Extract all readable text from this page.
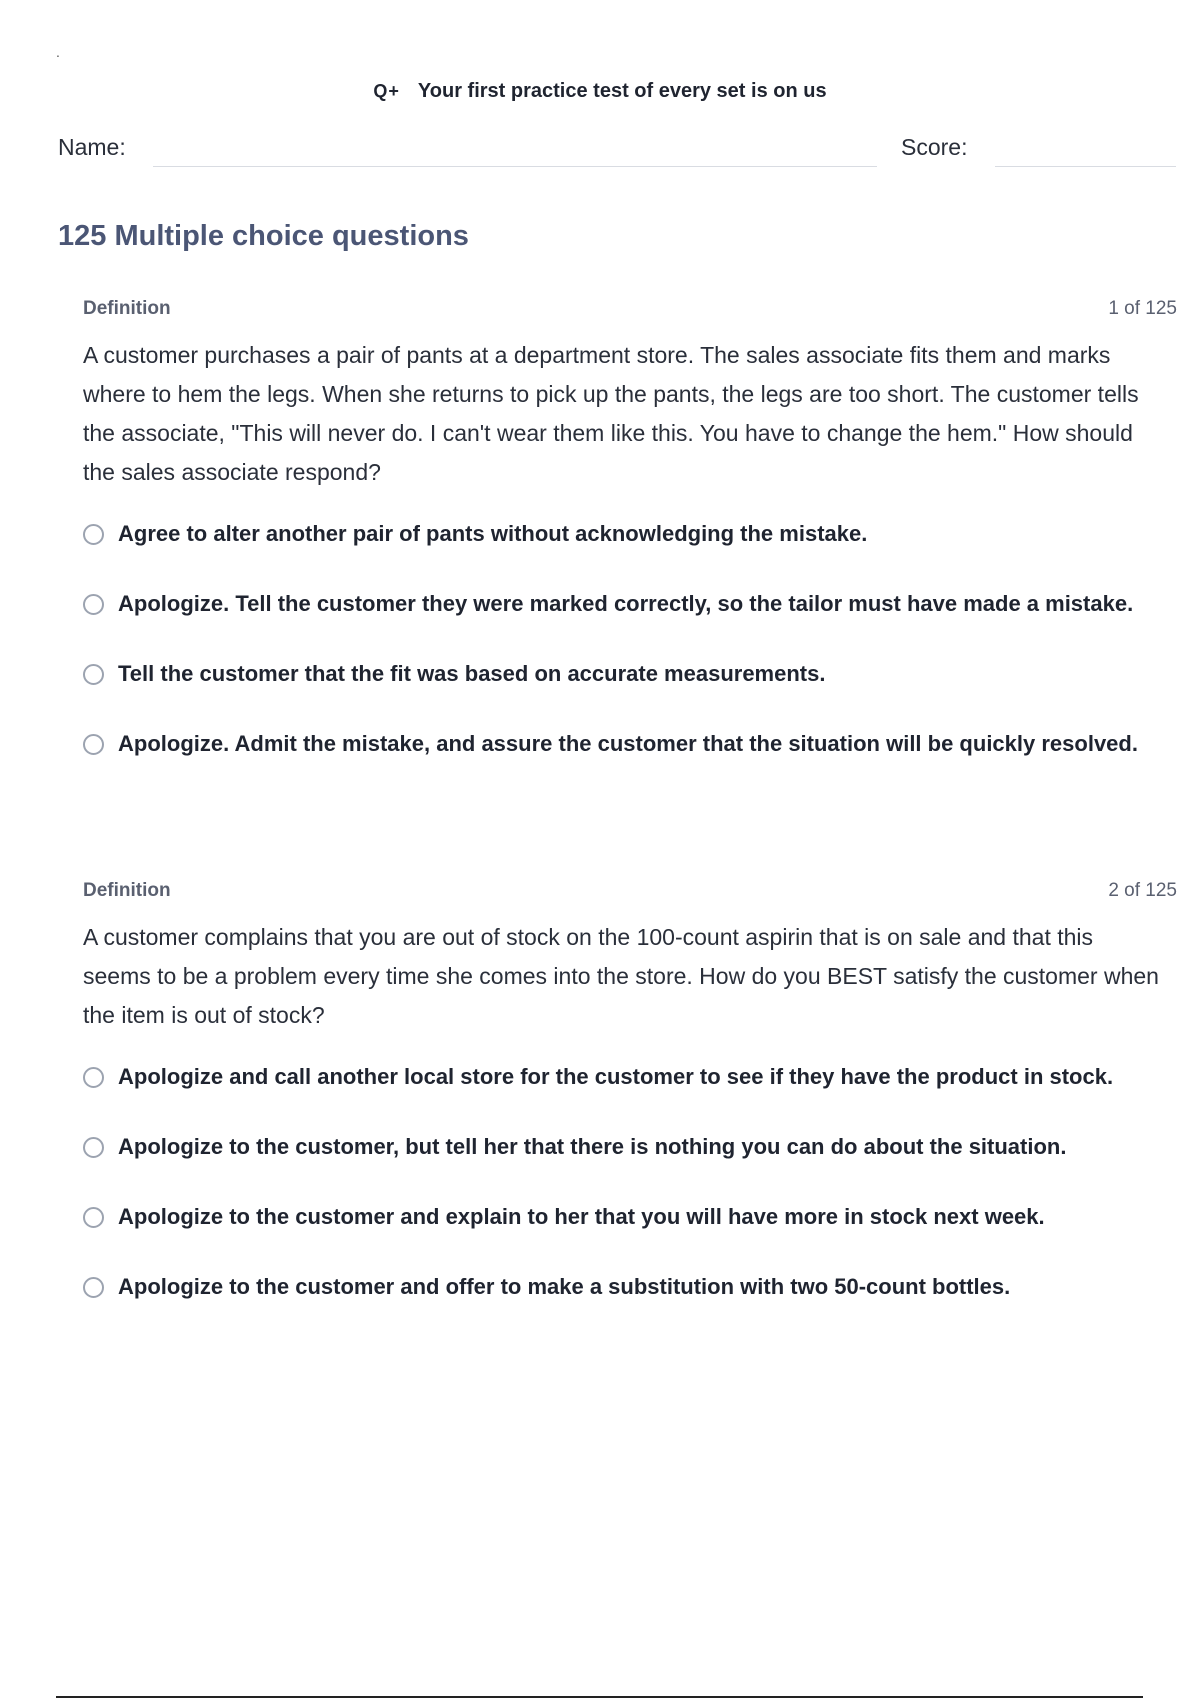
.
Q+ Your first practice test of every set is on us
Name:	Score:
125 Multiple choice questions
Definition	1 of 125
A customer purchases a pair of pants at a department store. The sales associate fits them and marks where to hem the legs. When she returns to pick up the pants, the legs are too short. The customer tells the associate, "This will never do. I can't wear them like this. You have to change the hem." How should the sales associate respond?
Agree to alter another pair of pants without acknowledging the mistake.
Apologize. Tell the customer they were marked correctly, so the tailor must have made a mistake.
Tell the customer that the fit was based on accurate measurements.
Apologize. Admit the mistake, and assure the customer that the situation will be quickly resolved.
Definition	2 of 125
A customer complains that you are out of stock on the 100-count aspirin that is on sale and that this seems to be a problem every time she comes into the store. How do you BEST satisfy the customer when the item is out of stock?
Apologize and call another local store for the customer to see if they have the product in stock.
Apologize to the customer, but tell her that there is nothing you can do about the situation.
Apologize to the customer and explain to her that you will have more in stock next week.
Apologize to the customer and offer to make a substitution with two 50-count bottles.
